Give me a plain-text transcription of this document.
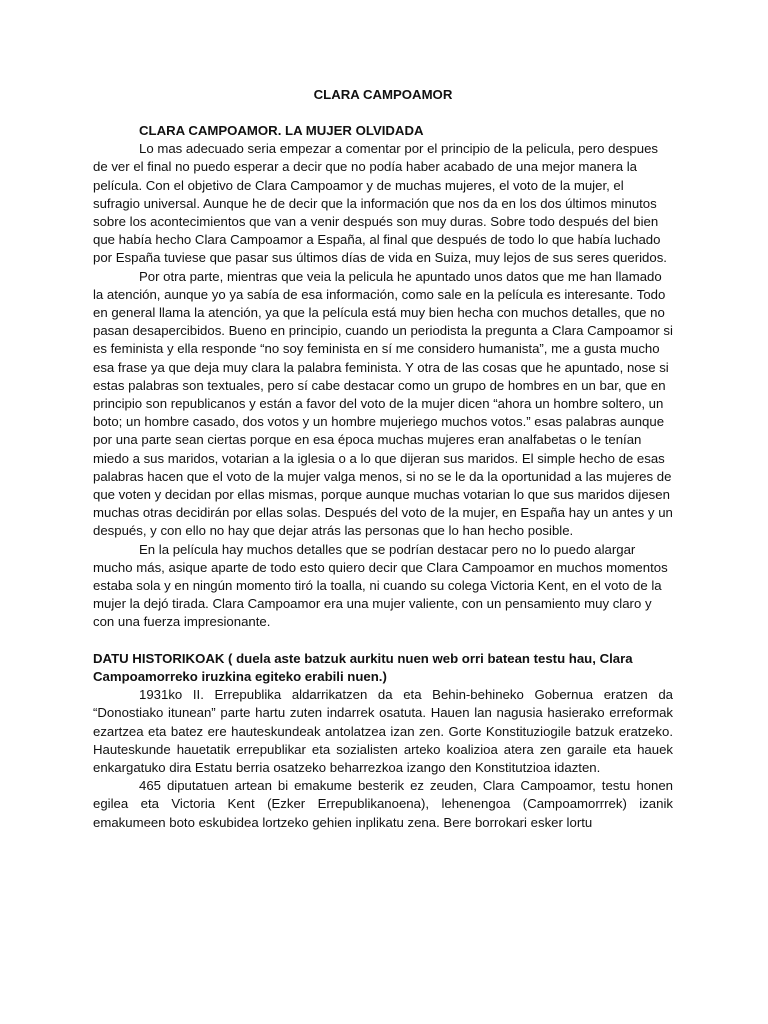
CLARA CAMPOAMOR

CLARA CAMPOAMOR. LA MUJER OLVIDADA

Lo mas adecuado seria empezar a comentar por el principio de la pelicula, pero despues de ver el final no puedo esperar a decir que no podía haber acabado de una mejor manera la película. Con el objetivo de Clara Campoamor y de muchas mujeres, el voto de la mujer, el sufragio universal. Aunque he de decir que la información que nos da en los dos últimos minutos sobre los acontecimientos que van a venir después son muy duras. Sobre todo después del bien que había hecho Clara Campoamor a España, al final que después de todo lo que había luchado por España tuviese que pasar sus últimos días de vida en Suiza, muy lejos de sus seres queridos.

Por otra parte, mientras que veia la pelicula he apuntado unos datos que me han llamado la atención, aunque yo ya sabía de esa información, como sale en la película es interesante. Todo en general llama la atención, ya que la película está muy bien hecha con muchos detalles, que no pasan desapercibidos. Bueno en principio, cuando un periodista la pregunta a Clara Campoamor si es feminista y ella responde “no soy feminista en sí me considero humanista”, me a gusta mucho esa frase ya que deja muy clara la palabra feminista. Y otra de las cosas que he apuntado, nose si estas palabras son textuales, pero sí cabe destacar como un grupo de hombres en un bar, que en principio son republicanos y están a favor del voto de la mujer dicen “ahora un hombre soltero, un boto; un hombre casado, dos votos y un hombre mujeriego muchos votos.” esas palabras aunque por una parte sean ciertas porque en esa época muchas mujeres eran analfabetas o le tenían miedo a sus maridos, votarian a la iglesia o a lo que dijeran sus maridos. El simple hecho de esas palabras hacen que el voto de la mujer valga menos, si no se le da la oportunidad a las mujeres de que voten y decidan por ellas mismas, porque aunque muchas votarian lo que sus maridos dijesen muchas otras decidirán por ellas solas. Después del voto de la mujer, en España hay un antes y un después, y con ello no hay que dejar atrás las personas que lo han hecho posible.

En la película hay muchos detalles que se podrían destacar pero no lo puedo alargar mucho más, asique aparte de todo esto quiero decir que Clara Campoamor en muchos momentos estaba sola y en ningún momento tiró la toalla, ni cuando su colega Victoria Kent, en el voto de la mujer la dejó tirada. Clara Campoamor era una mujer valiente, con un pensamiento muy claro y con una fuerza impresionante.

DATU HISTORIKOAK ( duela aste batzuk aurkitu nuen web orri batean testu hau, Clara Campoamorreko iruzkina egiteko erabili nuen.)

1931ko II. Errepublika aldarrikatzen da eta Behin-behineko Gobernua eratzen da “Donostiako itunean” parte hartu zuten indarrek osatuta. Hauen lan nagusia hasierako erreformak ezartzea eta batez ere hauteskundeak antolatzea izan zen. Gorte Konstituziogile batzuk eratzeko. Hauteskunde hauetatik errepublikar eta sozialisten arteko koalizioa atera zen garaile eta hauek enkargatuko dira Estatu berria osatzeko beharrezkoa izango den Konstitutzioa idazten.

465 diputatuen artean bi emakume besterik ez zeuden, Clara Campoamor, testu honen egilea eta Victoria Kent (Ezker Errepublikanoena), lehenengoa (Campoamorrrek) izanik emakumeen boto eskubidea lortzeko gehien inplikatu zena. Bere borrokari esker lortu
